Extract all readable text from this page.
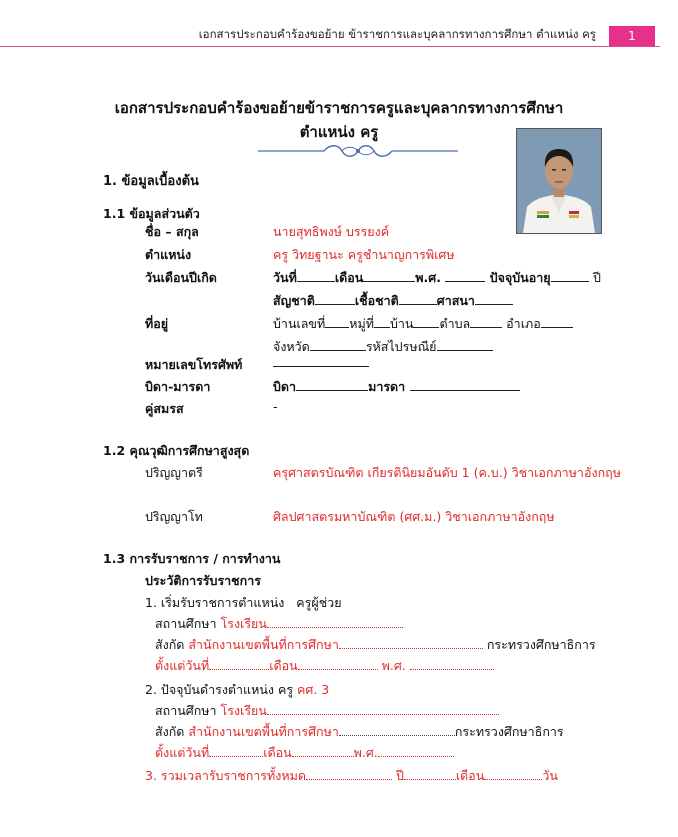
เอกสารประกอบคำร้องขอย้าย ข้าราชการและบุคลากรทางการศึกษา ตำแหน่ง ครู	1
เอกสารประกอบคำร้องขอย้ายข้าราชการครูและบุคลากรทางการศึกษา
ตำแหน่ง ครู
1. ข้อมูลเบื้องต้น
1.1 ข้อมูลส่วนตัว
ชื่อ – สกุล	นายสุทธิพงษ์ บรรยงค์
ตำแหน่ง	ครู วิทยฐานะ ครูชำนาญการพิเศษ
วันเดือนปีเกิด	วันที่	เดือน	พ.ศ.	ปัจจุบันอายุ	ปี
สัญชาติ	เชื้อชาติ	ศาสนา
ที่อยู่	บ้านเลขที่ หมู่ที่ บ้าน ตำบล	อำเภอ
จังหวัด	รหัสไปรษณีย์
หมายเลขโทรศัพท์
บิดา-มารดา	บิดา	มารดา
คู่สมรส	-
1.2 คุณวุฒิการศึกษาสูงสุด
ปริญญาตรี	ครุศาสตรบัณฑิต เกียรตินิยมอันดับ 1 (ค.บ.) วิชาเอกภาษาอังกฤษ
ปริญญาโท	ศิลปศาสตรมหาบัณฑิต (ศศ.ม.) วิชาเอกภาษาอังกฤษ
1.3 การรับราชการ / การทำงาน
ประวัติการรับราชการ
1. เริ่มรับราชการตำแหน่ง ครูผู้ช่วย
สถานศึกษา โรงเรียน
สังกัด สำนักงานเขตพื้นที่การศึกษา	กระทรวงศึกษาธิการ
ตั้งแต่วันที่	เดือน	พ.ศ.
2. ปัจจุบันดำรงตำแหน่ง ครู คศ. 3
สถานศึกษา โรงเรียน
สังกัด สำนักงานเขตพื้นที่การศึกษา	กระทรวงศึกษาธิการ
ตั้งแต่วันที่	เดือน	พ.ศ.
3. รวมเวลารับราชการทั้งหมด	ปี	เดือน	วัน
